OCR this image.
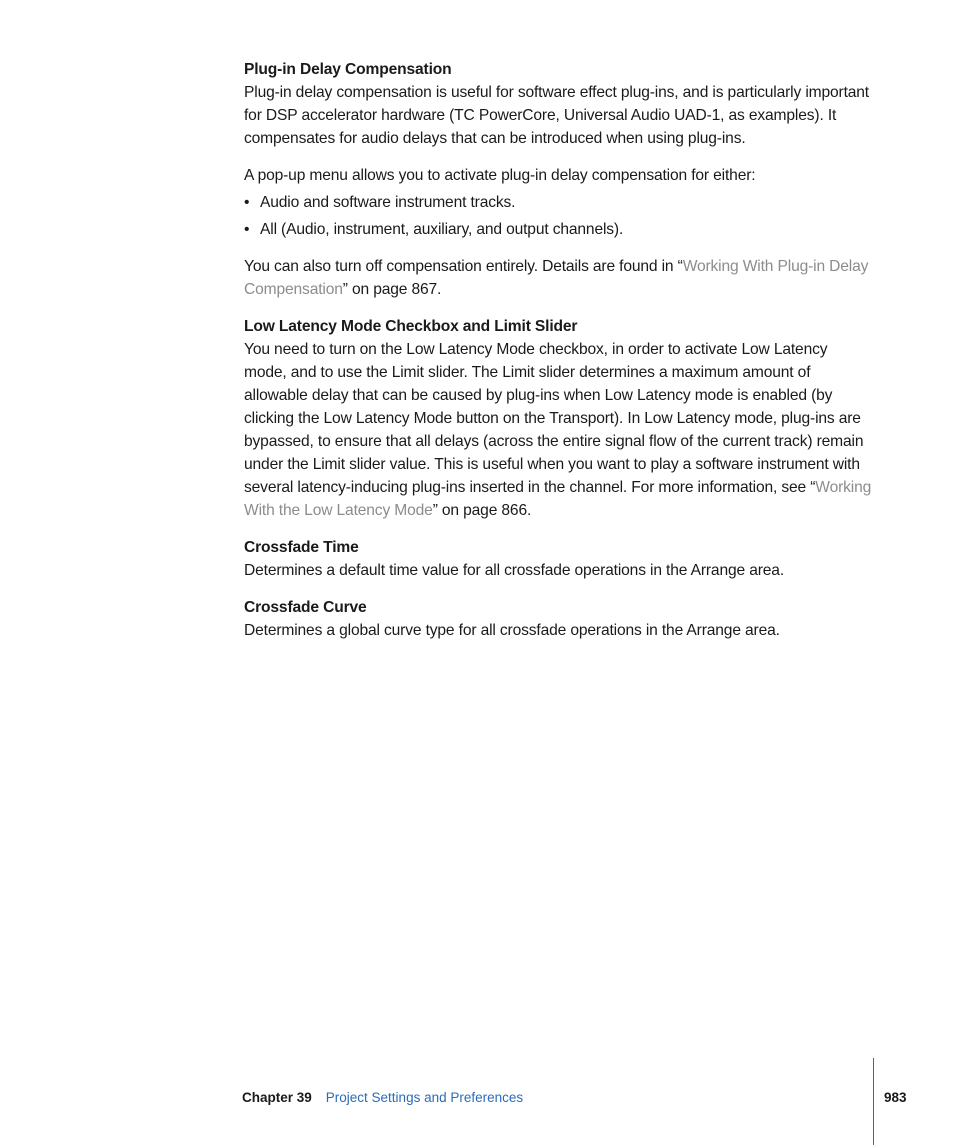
Plug-in Delay Compensation

Plug-in delay compensation is useful for software effect plug-ins, and is particularly important for DSP accelerator hardware (TC PowerCore, Universal Audio UAD-1, as examples). It compensates for audio delays that can be introduced when using plug-ins.

A pop-up menu allows you to activate plug-in delay compensation for either:

• Audio and software instrument tracks.
• All (Audio, instrument, auxiliary, and output channels).

You can also turn off compensation entirely. Details are found in “Working With Plug-in Delay Compensation” on page 867.

Low Latency Mode Checkbox and Limit Slider

You need to turn on the Low Latency Mode checkbox, in order to activate Low Latency mode, and to use the Limit slider. The Limit slider determines a maximum amount of allowable delay that can be caused by plug-ins when Low Latency mode is enabled (by clicking the Low Latency Mode button on the Transport). In Low Latency mode, plug-ins are bypassed, to ensure that all delays (across the entire signal flow of the current track) remain under the Limit slider value. This is useful when you want to play a software instrument with several latency-inducing plug-ins inserted in the channel. For more information, see “Working With the Low Latency Mode” on page 866.

Crossfade Time

Determines a default time value for all crossfade operations in the Arrange area.

Crossfade Curve

Determines a global curve type for all crossfade operations in the Arrange area.

Chapter 39 Project Settings and Preferences	983
